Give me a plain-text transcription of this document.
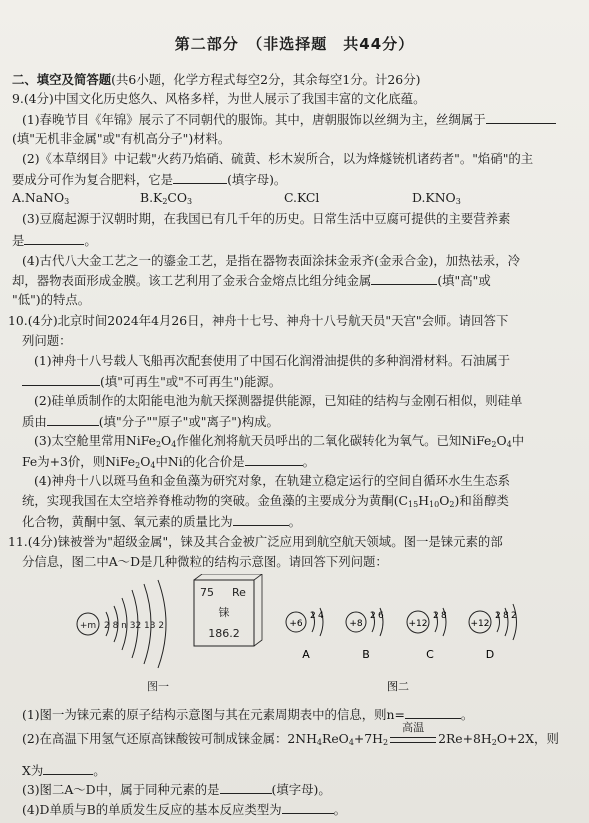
第二部分　（非选择题　共44分）
二、填空及简答题(共6小题，化学方程式每空2分，其余每空1分。计26分)
9.(4分)中国文化历史悠久、风格多样，为世人展示了我国丰富的文化底蕴。
(1)春晚节目《年锦》展示了不同朝代的服饰。其中，唐朝服饰以丝绸为主，丝绸属于
(填"无机非金属"或"有机高分子")材料。
(2)《本草纲目》中记载"火药乃焰硝、硫黄、杉木炭所合，以为烽燧铳机诸药者"。"焰硝"的主
要成分可作为复合肥料，它是	(填字母)。
A.NaNO$_3$	$B.K_2CO_3$	C.KCl	$D.KNO_3$
(3)豆腐起源于汉朝时期，在我国已有几千年的历史。日常生活中豆腐可提供的主要营养素
是	。
(4)古代八大金工艺之一的鎏金工艺，是指在器物表面涂抹金汞齐(金汞合金)，加热祛汞，冷
却，器物表面形成金膜。该工艺利用了金汞合金熔点比组分纯金属	(填"高"或
"低")的特点。
10.(4分)北京时间2024年4月26日，神舟十七号、神舟十八号航天员"天宫"会师。请回答下
列问题：
(1)神舟十八号载人飞船再次配套使用了中国石化润滑油提供的多种润滑材料。石油属于
(填"可再生"或"不可再生")能源。
(2)硅单质制作的太阳能电池为航天探测器提供能源，已知硅的结构与金刚石相似，则硅单
质由	(填"分子""原子"或"离子")构成。
(3)太空舱里常用$NiFe_2O_4$作催化剂将航天员呼出的二氧化碳转化为氧气。已知$NiFe_2O_4$中
Fe为+3价，则$NiFe_2O_4$中Ni的化合价是	。
(4)神舟十八以斑马鱼和金鱼藻为研究对象，在轨建立稳定运行的空间自循环水生生态系
统，实现我国在太空培养脊椎动物的突破。金鱼藻的主要成分为黄酮$(C_{15}H_{10}O_2)$和甾醇类
化合物，黄酮中氢、氧元素的质量比为	。
11.(4分)铼被誉为"超级金属"，铼及其合金被广泛应用到航空航天领域。图一是铼元素的部
分信息，图二中A～D是几种微粒的结构示意图。请回答下列问题：
+m 2 8 n 32 13 2
75 Re
铼
186.2
图一
+6
2 4
A
+8
2 6
B
+12
2 8
C
+12
2 8 2
D
图二
(1)图一为铼元素的原子结构示意图与其在元素周期表中的信息，则n=	。
(2)在高温下用氢气还原高铼酸铵可制成铼金属：$2NH_4ReO_4+7H_2$
高温
$2Re+8H_2O+2X$，则
X为	。
(3)图二A～D中，属于同种元素的是	(填字母)。
(4)D单质与B的单质发生反应的基本反应类型为	。
